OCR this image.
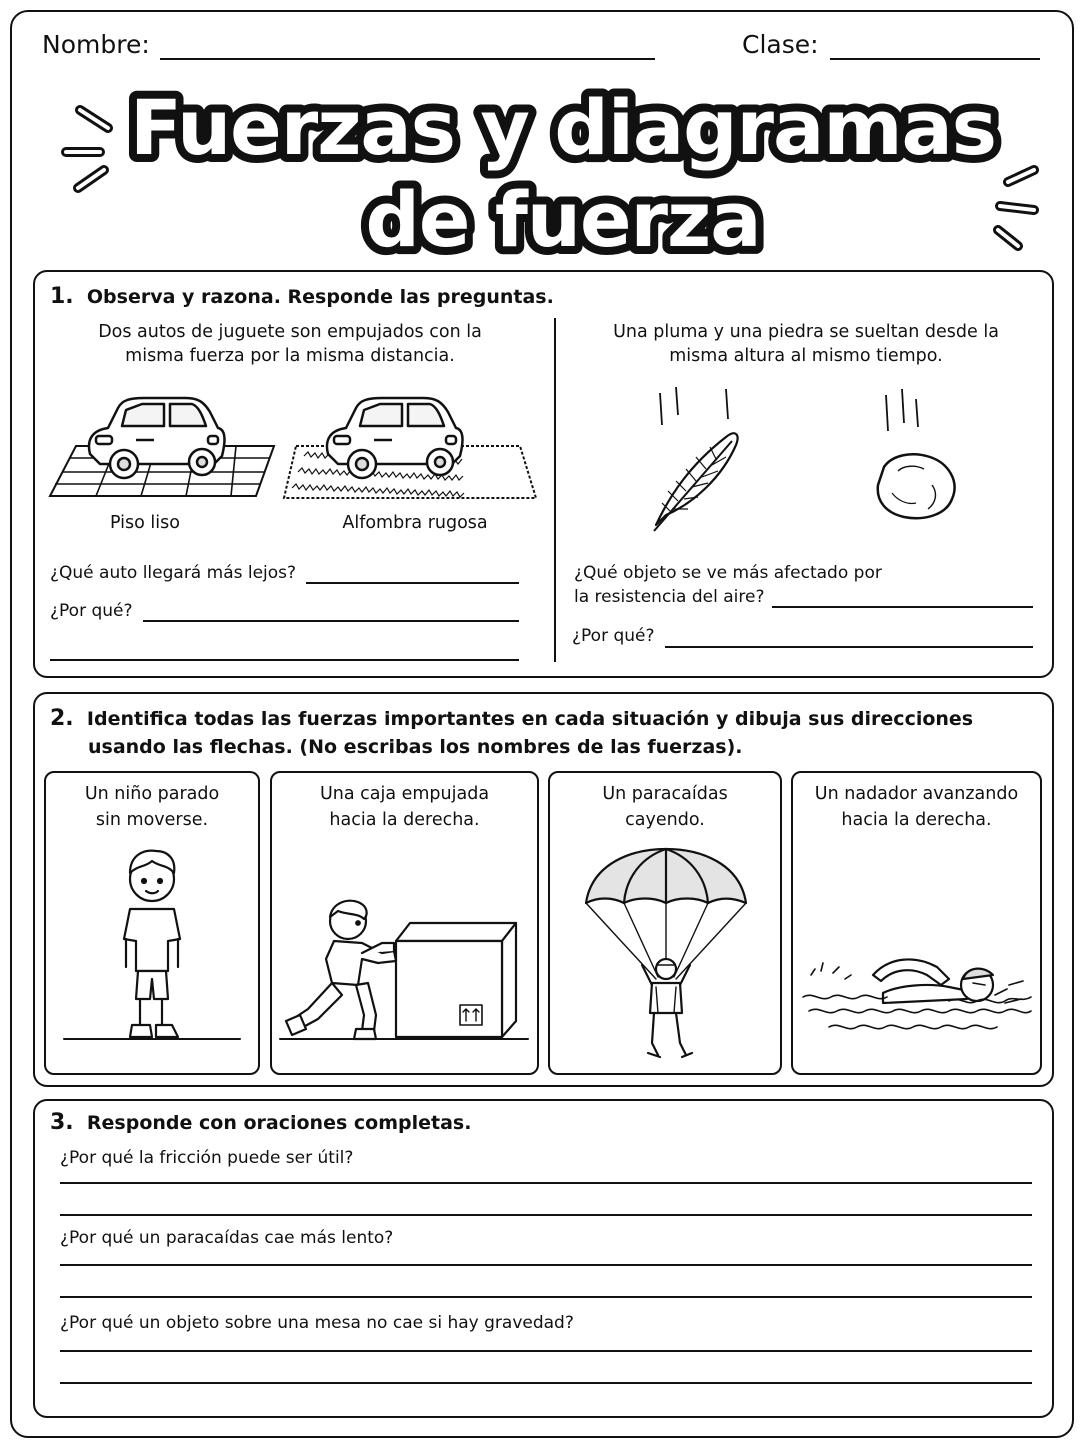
Nombre:	Clase:
Fuerzas y diagramas
de fuerza
1. Observa y razona. Responde las preguntas.
Dos autos de juguete son empujados con la misma fuerza por la misma distancia.
Piso liso	Alfombra rugosa
¿Qué auto llegará más lejos?
¿Por qué?
Una pluma y una piedra se sueltan desde la misma altura al mismo tiempo.
¿Qué objeto se ve más afectado por
la resistencia del aire?
¿Por qué?
2. Identifica todas las fuerzas importantes en cada situación y dibuja sus direcciones
usando las flechas. (No escribas los nombres de las fuerzas).
Un niño parado
sin moverse.
Una caja empujada
hacia la derecha.
Un paracaídas
cayendo.
Un nadador avanzando
hacia la derecha.
3. Responde con oraciones completas.
¿Por qué la fricción puede ser útil?
¿Por qué un paracaídas cae más lento?
¿Por qué un objeto sobre una mesa no cae si hay gravedad?
